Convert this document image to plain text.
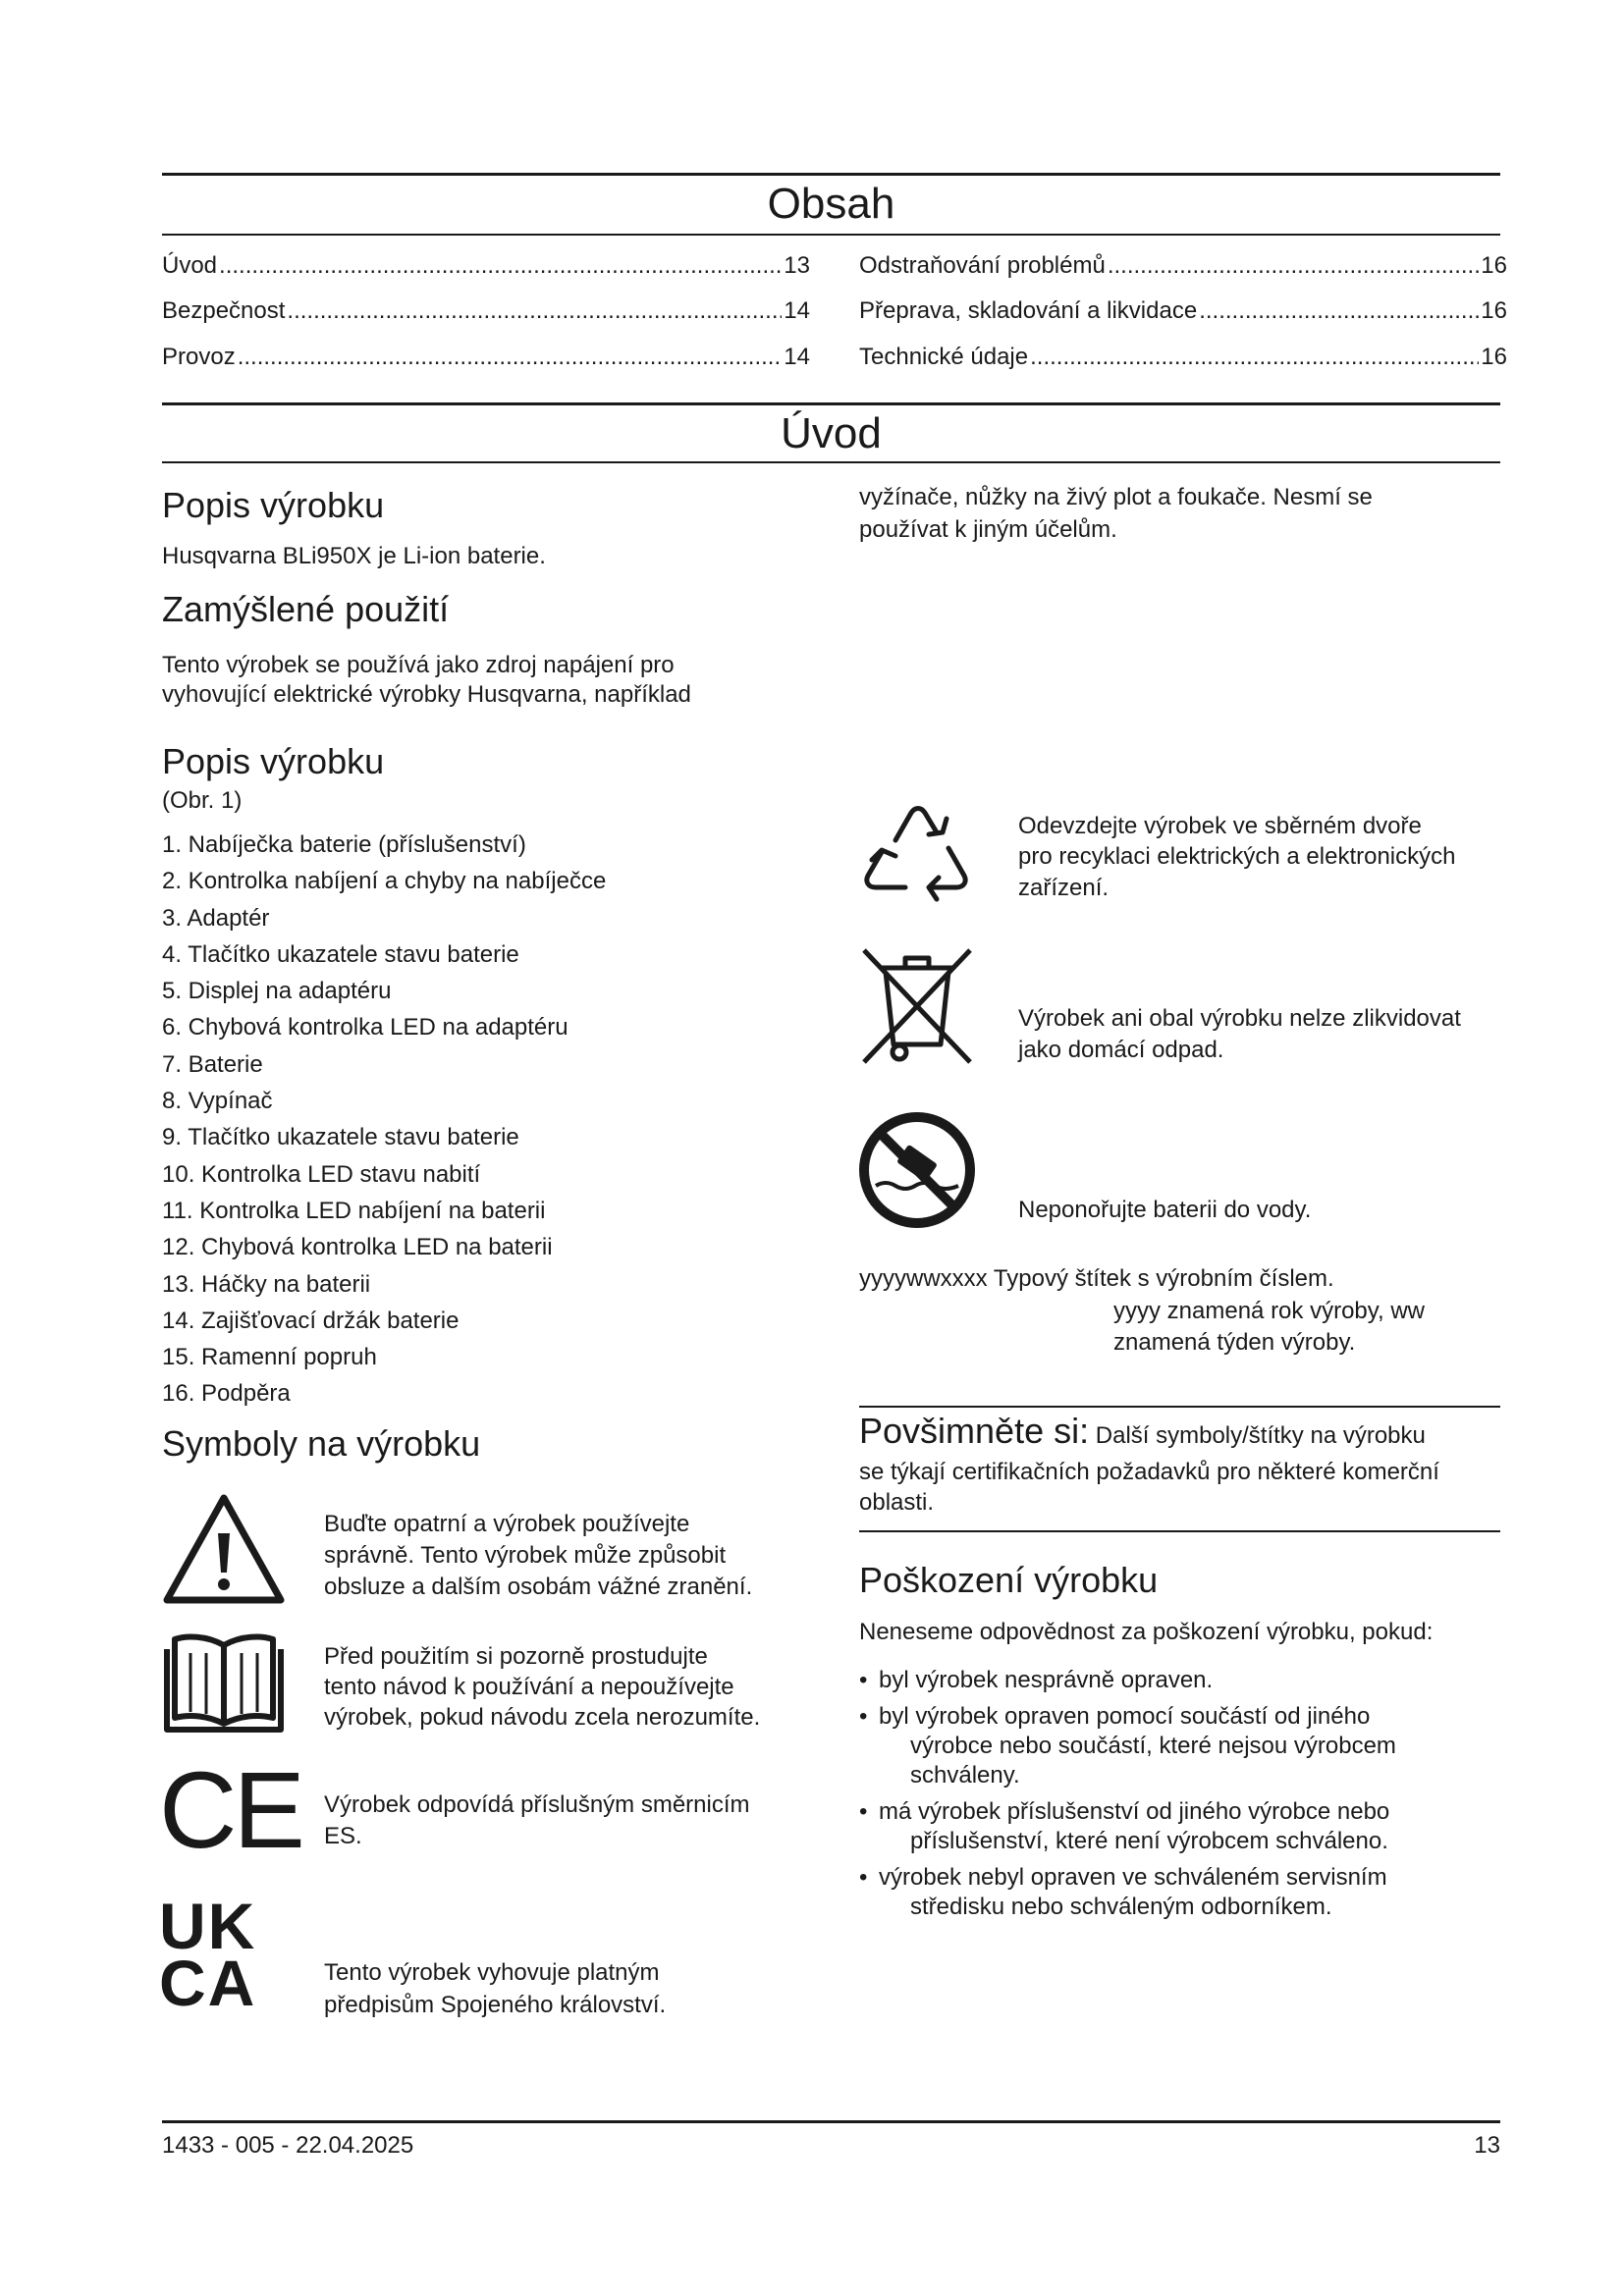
Obsah
Úvod .....	13
Bezpečnost .....	14
Provoz .....	14
Odstraňování problémů .....	16
Přeprava, skladování a likvidace .....	16
Technické údaje .....	16
Úvod
Popis výrobku

Husqvarna BLi950X je Li-ion baterie.

Zamýšlené použití

Tento výrobek se používá jako zdroj napájení pro

vyhovující elektrické výrobky Husqvarna, například

vyžínače, nůžky na živý plot a foukače. Nesmí se

používat k jiným účelům.

Popis výrobku

(Obr. 1)

1. Nabíječka baterie (příslušenství)
2. Kontrolka nabíjení a chyby na nabíječce
3. Adaptér
4. Tlačítko ukazatele stavu baterie
5. Displej na adaptéru
6. Chybová kontrolka LED na adaptéru
7. Baterie
8. Vypínač
9. Tlačítko ukazatele stavu baterie
10. Kontrolka LED stavu nabití
11. Kontrolka LED nabíjení na baterii
12. Chybová kontrolka LED na baterii
13. Háčky na baterii
14. Zajišťovací držák baterie
15. Ramenní popruh
16. Podpěra
Symboly na výrobku

Buďte opatrní a výrobek používejte

správně. Tento výrobek může způsobit

obsluze a dalším osobám vážné zranění.

Před použitím si pozorně prostudujte

tento návod k používání a nepoužívejte

výrobek, pokud návodu zcela nerozumíte.

CE Výrobek odpovídá příslušným směrnicím

ES.

UK
CA	Tento výrobek vyhovuje platným

předpisům Spojeného království.

Odevzdejte výrobek ve sběrném dvoře

pro recyklaci elektrických a elektronických

zařízení.

Výrobek ani obal výrobku nelze zlikvidovat

jako domácí odpad.

Neponořujte baterii do vody.

yyyywwxxxx Typový štítek s výrobním číslem.

yyyy znamená rok výroby, ww

znamená týden výroby.

Povšimněte si: Další symboly/štítky na výrobku

se týkají certifikačních požadavků pro některé komerční

oblasti.

Poškození výrobku

Neneseme odpovědnost za poškození výrobku, pokud:

• byl výrobek nesprávně opraven.
• byl výrobek opraven pomocí součástí od jiného
výrobce nebo součástí, které nejsou výrobcem
schváleny.
• má výrobek příslušenství od jiného výrobce nebo
příslušenství, které není výrobcem schváleno.
• výrobek nebyl opraven ve schváleném servisním
středisku nebo schváleným odborníkem.
1433 - 005 - 22.04.2025	13
